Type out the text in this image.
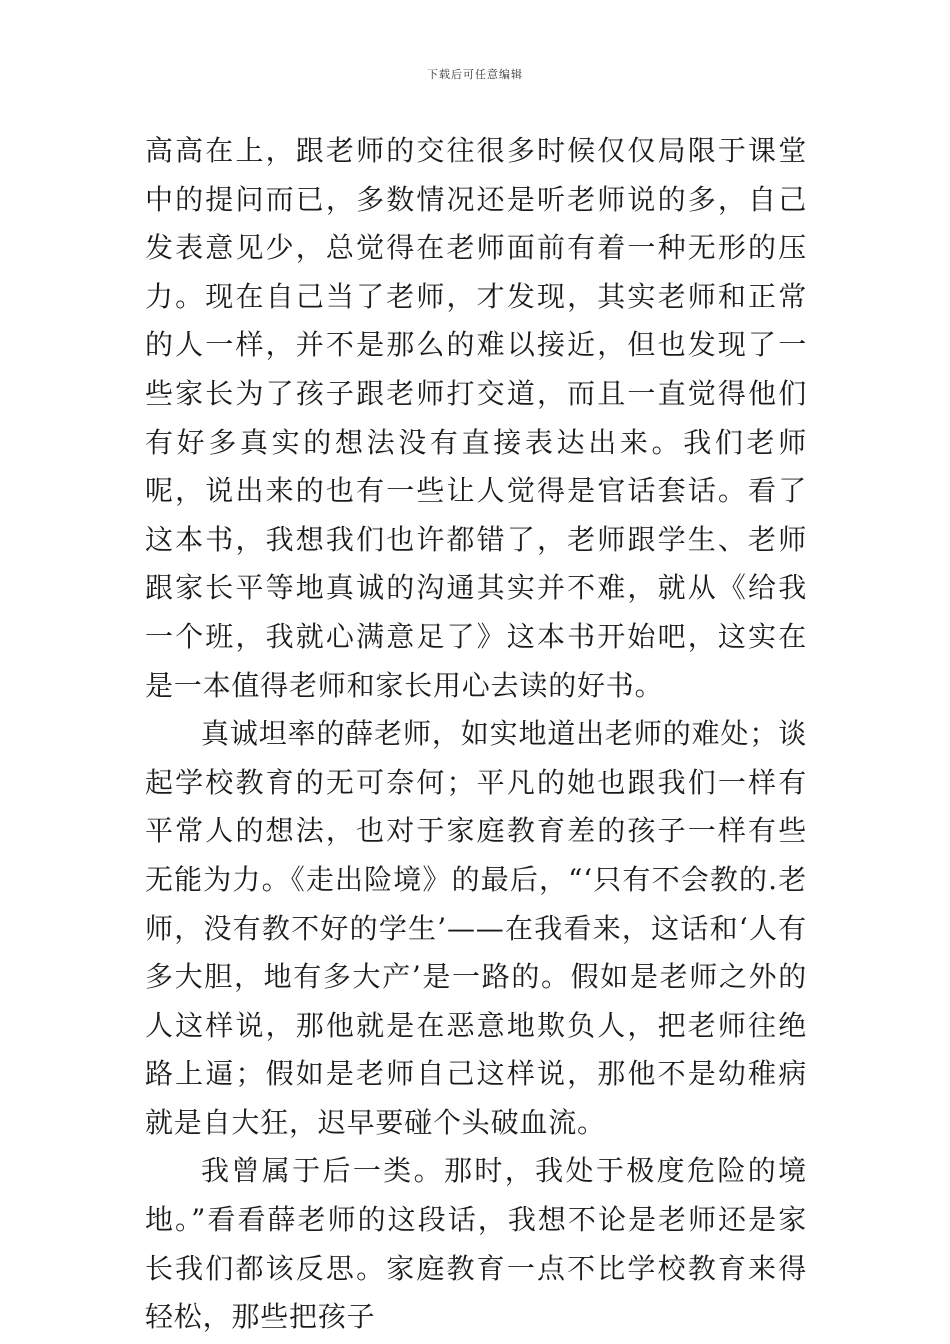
下载后可任意编辑

高高在上，跟老师的交往很多时候仅仅局限于课堂中的提问而已，多数情况还是听老师说的多，自己发表意见少，总觉得在老师面前有着一种无形的压力。现在自己当了老师，才发现，其实老师和正常的人一样，并不是那么的难以接近，但也发现了一些家长为了孩子跟老师打交道，而且一直觉得他们有好多真实的想法没有直接表达出来。我们老师呢，说出来的也有一些让人觉得是官话套话。看了这本书，我想我们也许都错了，老师跟学生、老师跟家长平等地真诚的沟通其实并不难，就从《给我一个班，我就心满意足了》这本书开始吧，这实在是一本值得老师和家长用心去读的好书。

真诚坦率的薛老师，如实地道出老师的难处；谈起学校教育的无可奈何；平凡的她也跟我们一样有平常人的想法，也对于家庭教育差的孩子一样有些无能为力。《走出险境》的最后，“‘只有不会教的.老师，没有教不好的学生’——在我看来，这话和‘人有多大胆，地有多大产’是一路的。假如是老师之外的人这样说，那他就是在恶意地欺负人，把老师往绝路上逼；假如是老师自己这样说，那他不是幼稚病就是自大狂，迟早要碰个头破血流。

我曾属于后一类。那时，我处于极度危险的境地。”看看薛老师的这段话，我想不论是老师还是家长我们都该反思。家庭教育一点不比学校教育来得轻松，那些把孩子
